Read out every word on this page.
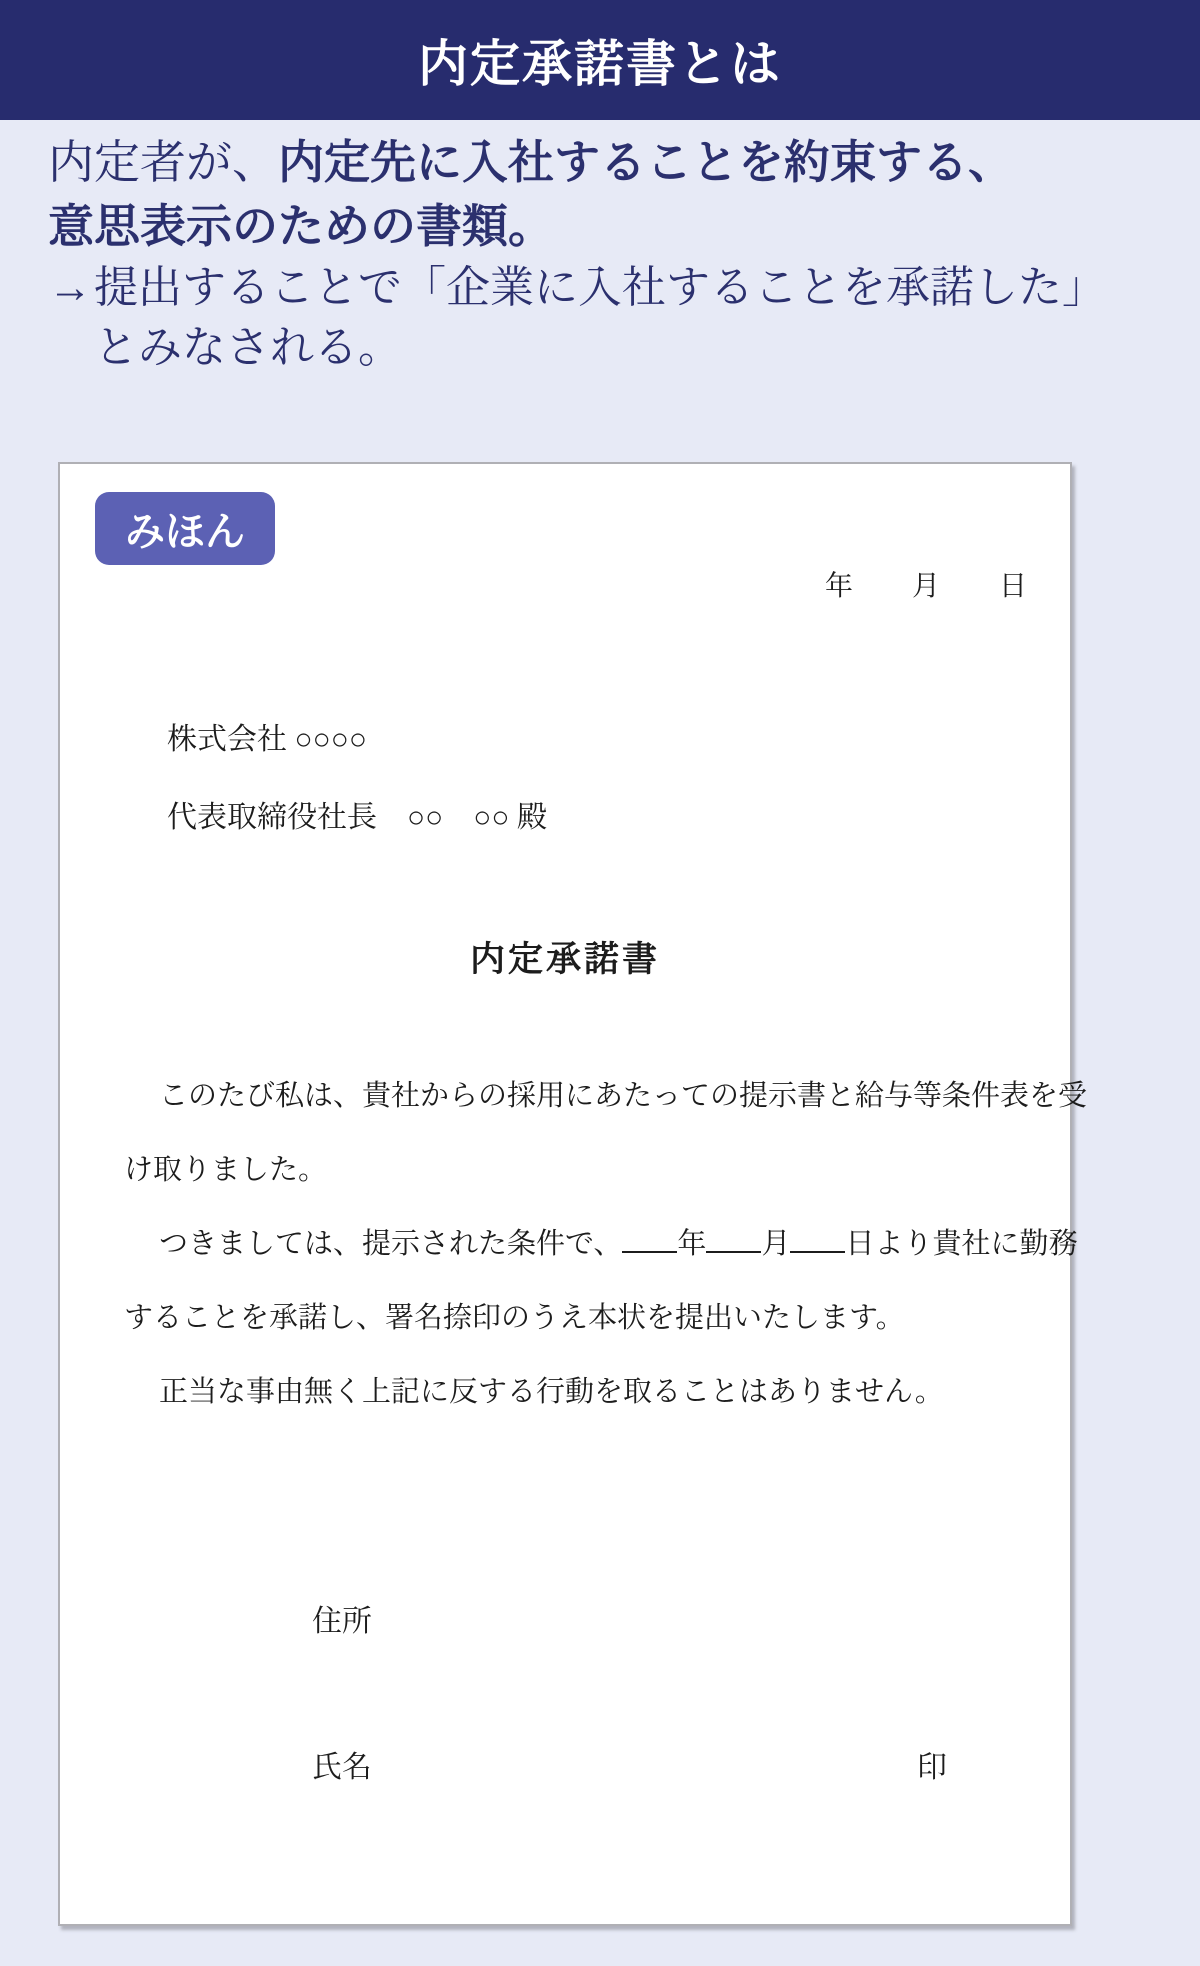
内定承諾書とは
内定者が、内定先に入社することを約束する、
意思表示のための書類。
→ 提出することで「企業に入社することを承諾した」
とみなされる。
みほん
年　　月　　日
株式会社 ○○○○
代表取締役社長　○○　○○ 殿
内定承諾書
このたび私は、貴社からの採用にあたっての提示書と給与等条件表を受
け取りました。
つきましては、提示された条件で、 年 月 日より貴社に勤務
することを承諾し、署名捺印のうえ本状を提出いたします。
正当な事由無く上記に反する行動を取ることはありません。
住所
氏名	印
